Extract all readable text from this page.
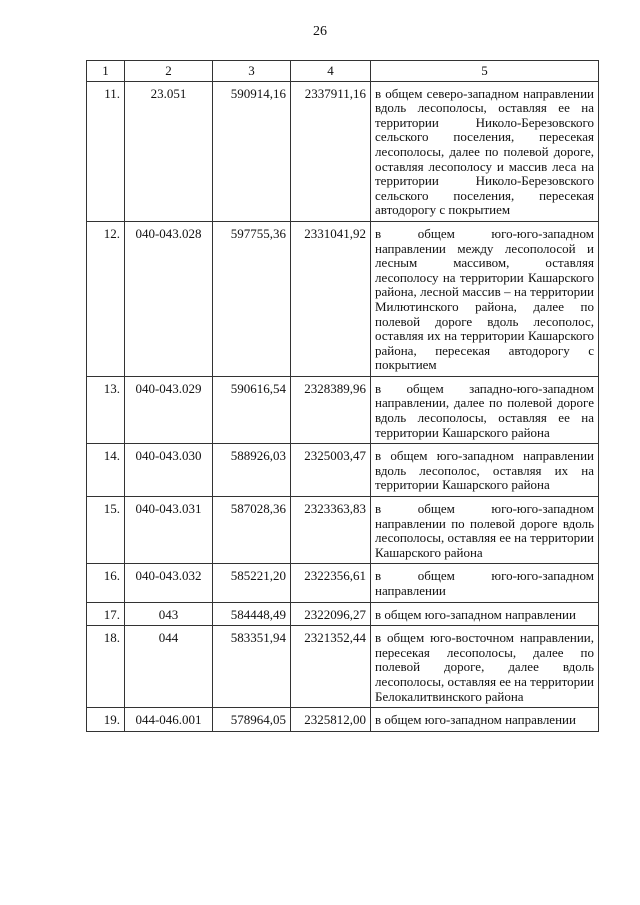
26
1	2	3	4	5
11.	23.051	590914,16	2337911,16	в общем северо-западном направлении вдоль лесополосы, оставляя ее на территории Николо-Березовского сельского поселения, пересекая лесополосы, далее по полевой дороге, оставляя лесополосу и массив леса на территории Николо-Березовского сельского поселения, пересекая автодорогу с покрытием
12.	040-043.028	597755,36	2331041,92	в общем юго-юго-западном направлении между лесополосой и лесным массивом, оставляя лесополосу на территории Кашарского района, лесной массив – на территории Милютинского района, далее по полевой дороге вдоль лесополос, оставляя их на территории Кашарского района, пересекая автодорогу с покрытием
13.	040-043.029	590616,54	2328389,96	в общем западно-юго-западном направлении, далее по полевой дороге вдоль лесополосы, оставляя ее на территории Кашарского района
14.	040-043.030	588926,03	2325003,47	в общем юго-западном направлении вдоль лесополос, оставляя их на территории Кашарского района
15.	040-043.031	587028,36	2323363,83	в общем юго-юго-западном направлении по полевой дороге вдоль лесополосы, оставляя ее на территории Кашарского района
16.	040-043.032	585221,20	2322356,61	в общем юго-юго-западном направлении
17.	043	584448,49	2322096,27	в общем юго-западном направлении
18.	044	583351,94	2321352,44	в общем юго-восточном направлении, пересекая лесополосы, далее по полевой дороге, далее вдоль лесополосы, оставляя ее на территории Белокалитвинского района
19.	044-046.001	578964,05	2325812,00	в общем юго-западном направлении
